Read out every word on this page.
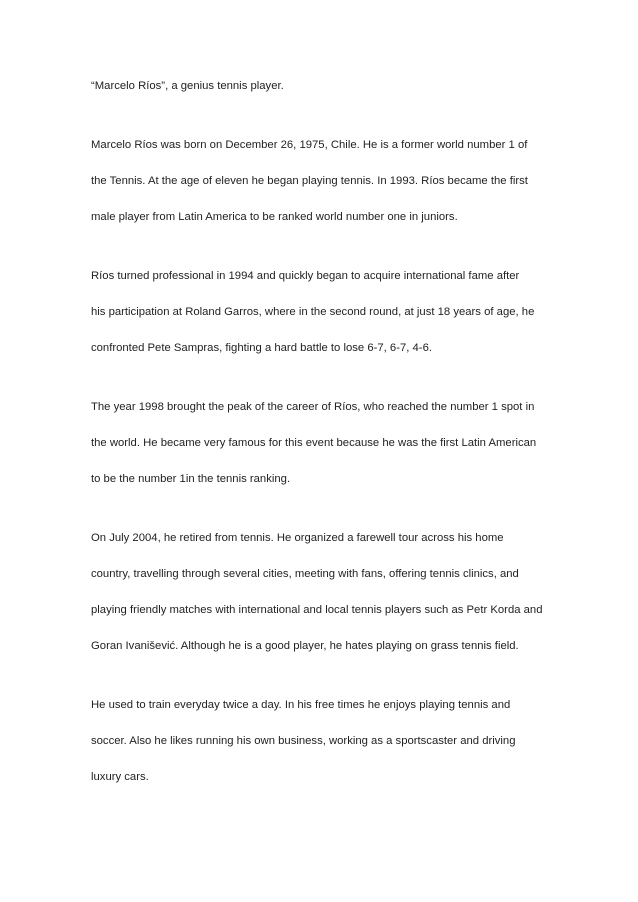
“Marcelo Ríos”, a genius tennis player.

Marcelo Ríos was born on December 26, 1975, Chile. He is a former world number 1 of
the Tennis. At the age of eleven he began playing tennis. In 1993. Ríos became the first
male player from Latin America to be ranked world number one in juniors.

Ríos turned professional in 1994 and quickly began to acquire international fame after
his participation at Roland Garros, where in the second round, at just 18 years of age, he
confronted Pete Sampras, fighting a hard battle to lose 6-7, 6-7, 4-6.

The year 1998 brought the peak of the career of Ríos, who reached the number 1 spot in
the world. He became very famous for this event because he was the first Latin American
to be the number 1in the tennis ranking.

On July 2004, he retired from tennis. He organized a farewell tour across his home
country, travelling through several cities, meeting with fans, offering tennis clinics, and
playing friendly matches with international and local tennis players such as Petr Korda and
Goran Ivanišević. Although he is a good player, he hates playing on grass tennis field.

He used to train everyday twice a day. In his free times he enjoys playing tennis and
soccer. Also he likes running his own business, working as a sportscaster and driving
luxury cars.
